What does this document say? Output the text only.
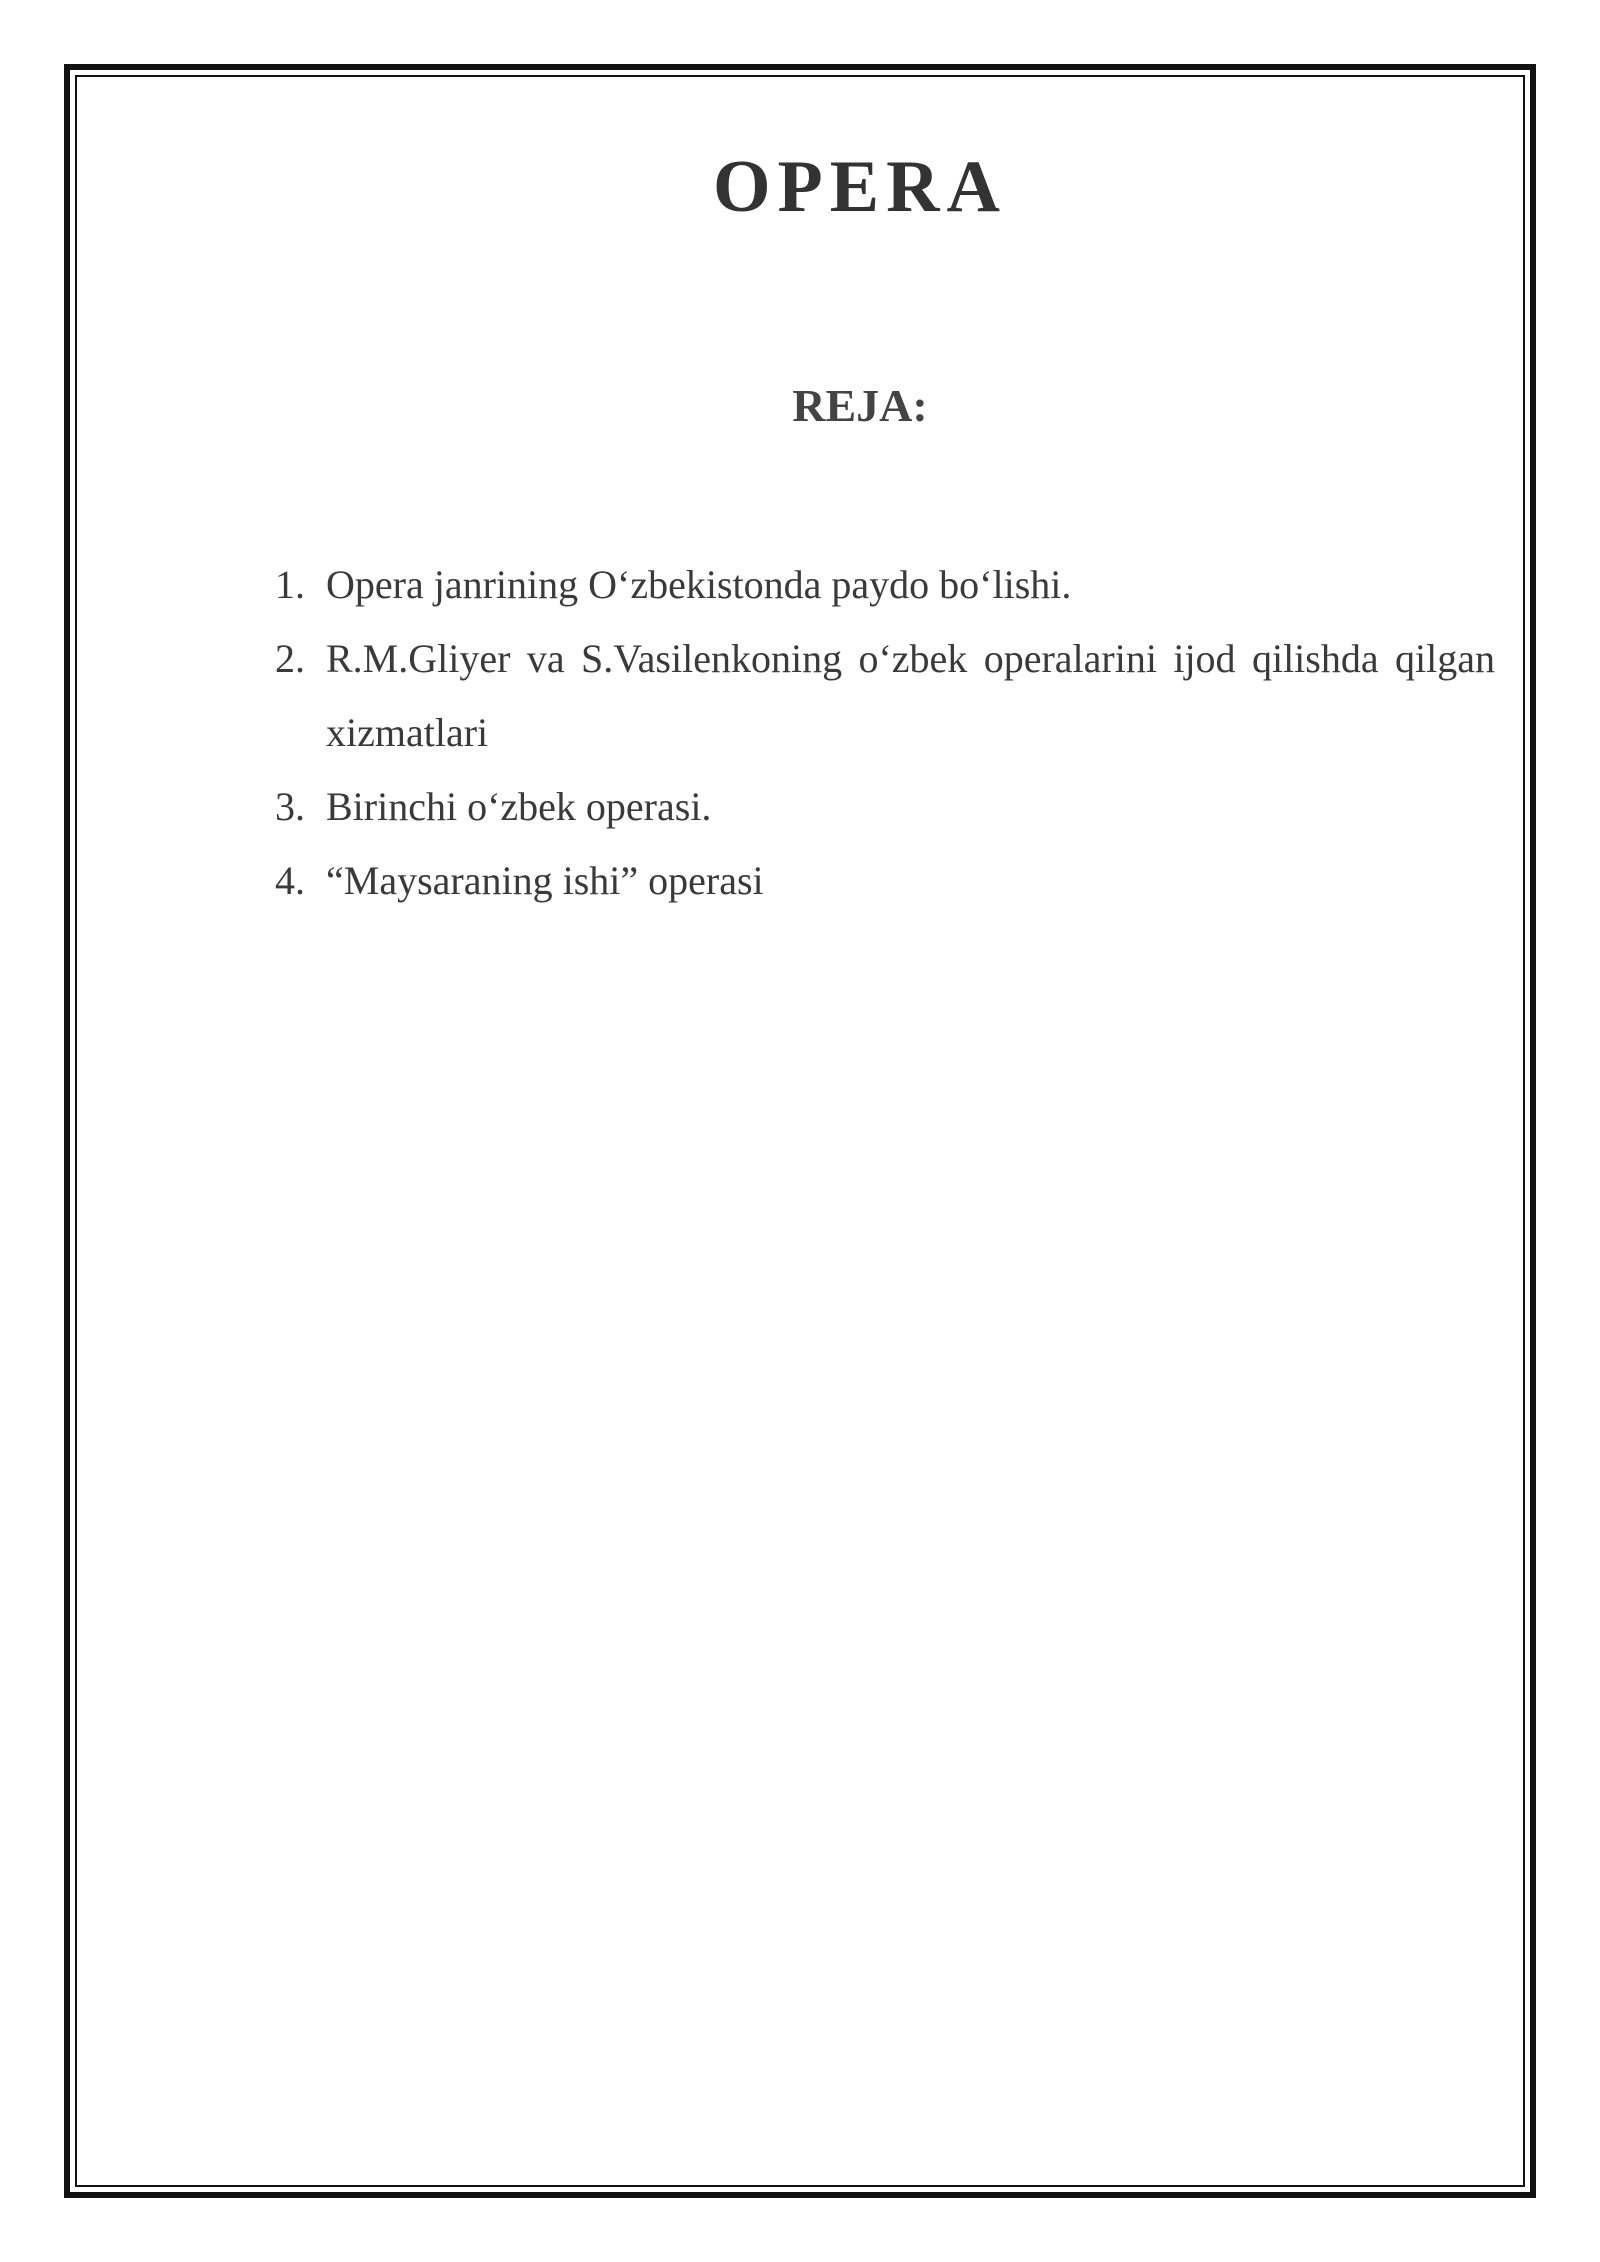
OPERA
REJA:
1. Opera janrining O‘zbekistonda paydo bo‘lishi.
2. R.M.Gliyer va S.Vasilenkoning o‘zbek operalarini ijod qilishda qilgan xizmatlari
3. Birinchi o‘zbek operasi.
4. “Maysaraning ishi” operasi
